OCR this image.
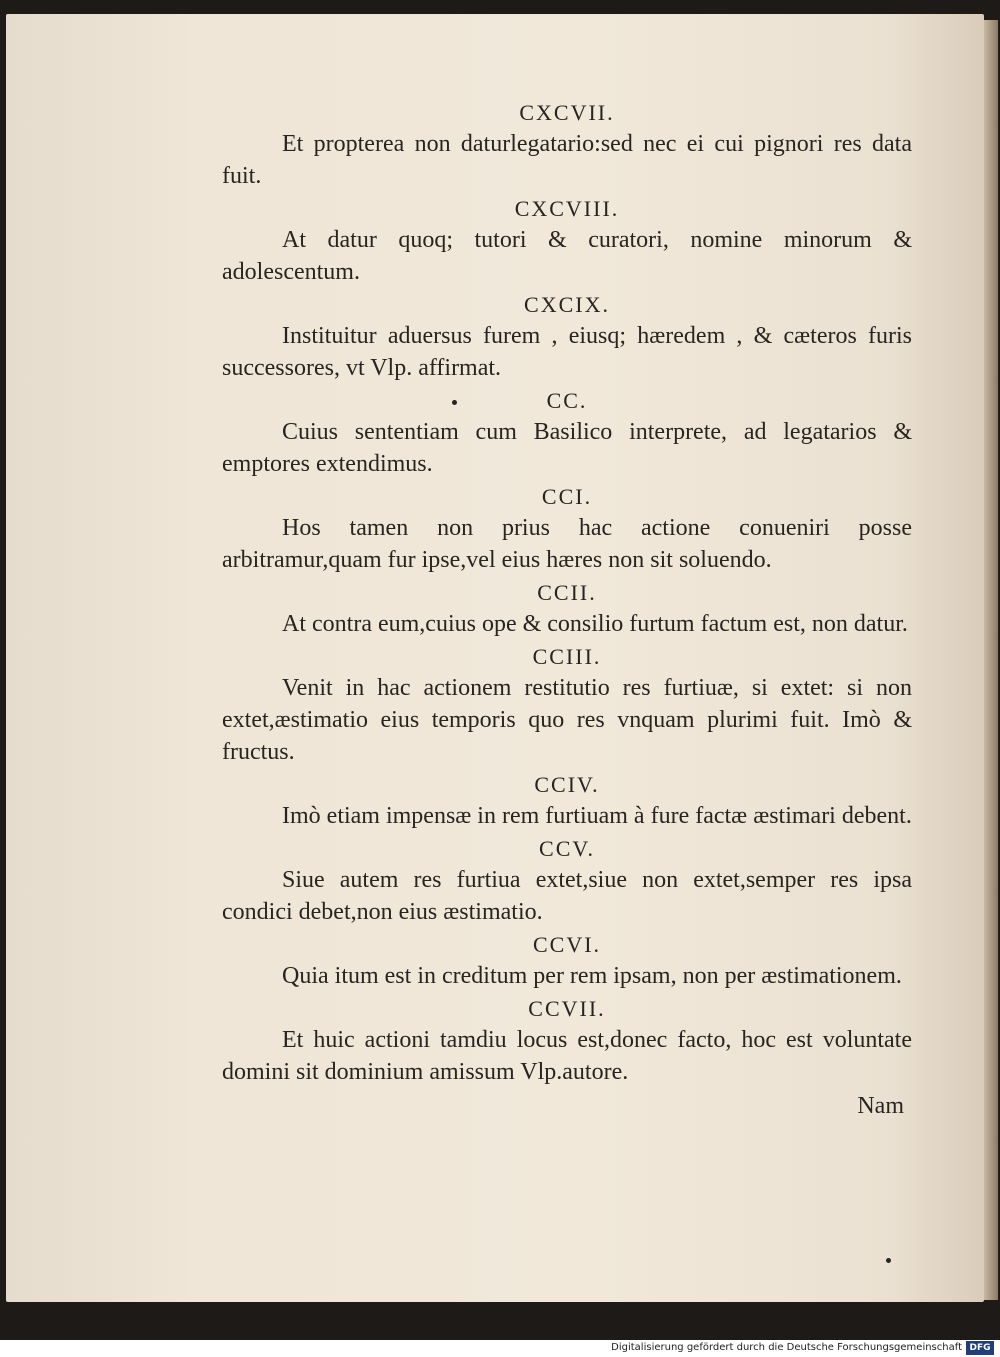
CXCVII.

Et propterea non daturlegatario:sed nec ei cui pignori res data fuit.

CXCVIII.

At datur quoq; tutori & curatori, nomine minorum & adolescentum.

CXCIX.

Instituitur aduersus furem , eiusq; hæredem , & cæteros furis successores, vt Vlp. affirmat.

CC.

Cuius sententiam cum Basilico interprete, ad legatarios & emptores extendimus.

CCI.

Hos tamen non prius hac actione conueniri posse arbitramur,quam fur ipse,vel eius hæres non sit soluendo.

CCII.

At contra eum,cuius ope & consilio furtum factum est, non datur.

CCIII.

Venit in hac actionem restitutio res furtiuæ, si extet: si non extet,æstimatio eius temporis quo res vnquam plurimi fuit. Imò & fructus.

CCIV.

Imò etiam impensæ in rem furtiuam à fure factæ æstimari debent.

CCV.

Siue autem res furtiua extet,siue non extet,semper res ipsa condici debet,non eius æstimatio.

CCVI.

Quia itum est in creditum per rem ipsam, non per æstimationem.

CCVII.

Et huic actioni tamdiu locus est,donec facto, hoc est voluntate domini sit dominium amissum Vlp.autore.

Nam
Digitalisierung gefördert durch die Deutsche Forschungsgemeinschaft DFG
